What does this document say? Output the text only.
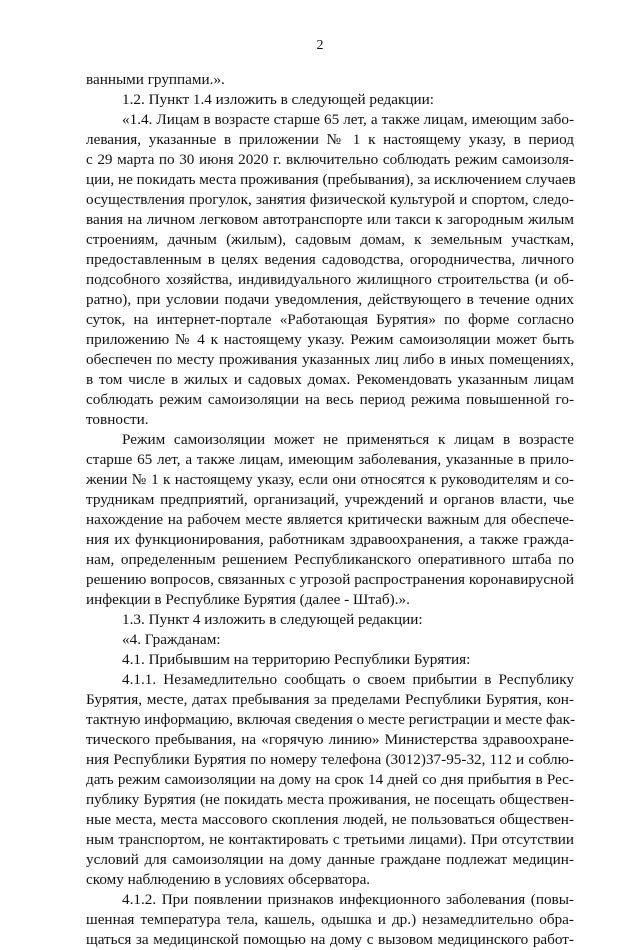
2
ванными группами.».
1.2. Пункт 1.4 изложить в следующей редакции:
«1.4. Лицам в возрасте старше 65 лет, а также лицам, имеющим забо-
левания, указанные в приложении № 1 к настоящему указу, в период
с 29 марта по 30 июня 2020 г. включительно соблюдать режим самоизоля-
ции, не покидать места проживания (пребывания), за исключением случаев
осуществления прогулок, занятия физической культурой и спортом, следо-
вания на личном легковом автотранспорте или такси к загородным жилым
строениям, дачным (жилым), садовым домам, к земельным участкам,
предоставленным в целях ведения садоводства, огородничества, личного
подсобного хозяйства, индивидуального жилищного строительства (и об-
ратно), при условии подачи уведомления, действующего в течение одних
суток, на интернет-портале «Работающая Бурятия» по форме согласно
приложению № 4 к настоящему указу. Режим самоизоляции может быть
обеспечен по месту проживания указанных лиц либо в иных помещениях,
в том числе в жилых и садовых домах. Рекомендовать указанным лицам
соблюдать режим самоизоляции на весь период режима повышенной го-
товности.
Режим самоизоляции может не применяться к лицам в возрасте
старше 65 лет, а также лицам, имеющим заболевания, указанные в прило-
жении № 1 к настоящему указу, если они относятся к руководителям и со-
трудникам предприятий, организаций, учреждений и органов власти, чье
нахождение на рабочем месте является критически важным для обеспече-
ния их функционирования, работникам здравоохранения, а также гражда-
нам, определенным решением Республиканского оперативного штаба по
решению вопросов, связанных с угрозой распространения коронавирусной
инфекции в Республике Бурятия (далее - Штаб).».
1.3. Пункт 4 изложить в следующей редакции:
«4. Гражданам:
4.1. Прибывшим на территорию Республики Бурятия:
4.1.1. Незамедлительно сообщать о своем прибытии в Республику
Бурятия, месте, датах пребывания за пределами Республики Бурятия, кон-
тактную информацию, включая сведения о месте регистрации и месте фак-
тического пребывания, на «горячую линию» Министерства здравоохране-
ния Республики Бурятия по номеру телефона (3012)37-95-32, 112 и соблю-
дать режим самоизоляции на дому на срок 14 дней со дня прибытия в Рес-
публику Бурятия (не покидать места проживания, не посещать обществен-
ные места, места массового скопления людей, не пользоваться обществен-
ным транспортом, не контактировать с третьими лицами). При отсутствии
условий для самоизоляции на дому данные граждане подлежат медицин-
скому наблюдению в условиях обсерватора.
4.1.2. При появлении признаков инфекционного заболевания (повы-
шенная температура тела, кашель, одышка и др.) незамедлительно обра-
щаться за медицинской помощью на дому с вызовом медицинского работ-
